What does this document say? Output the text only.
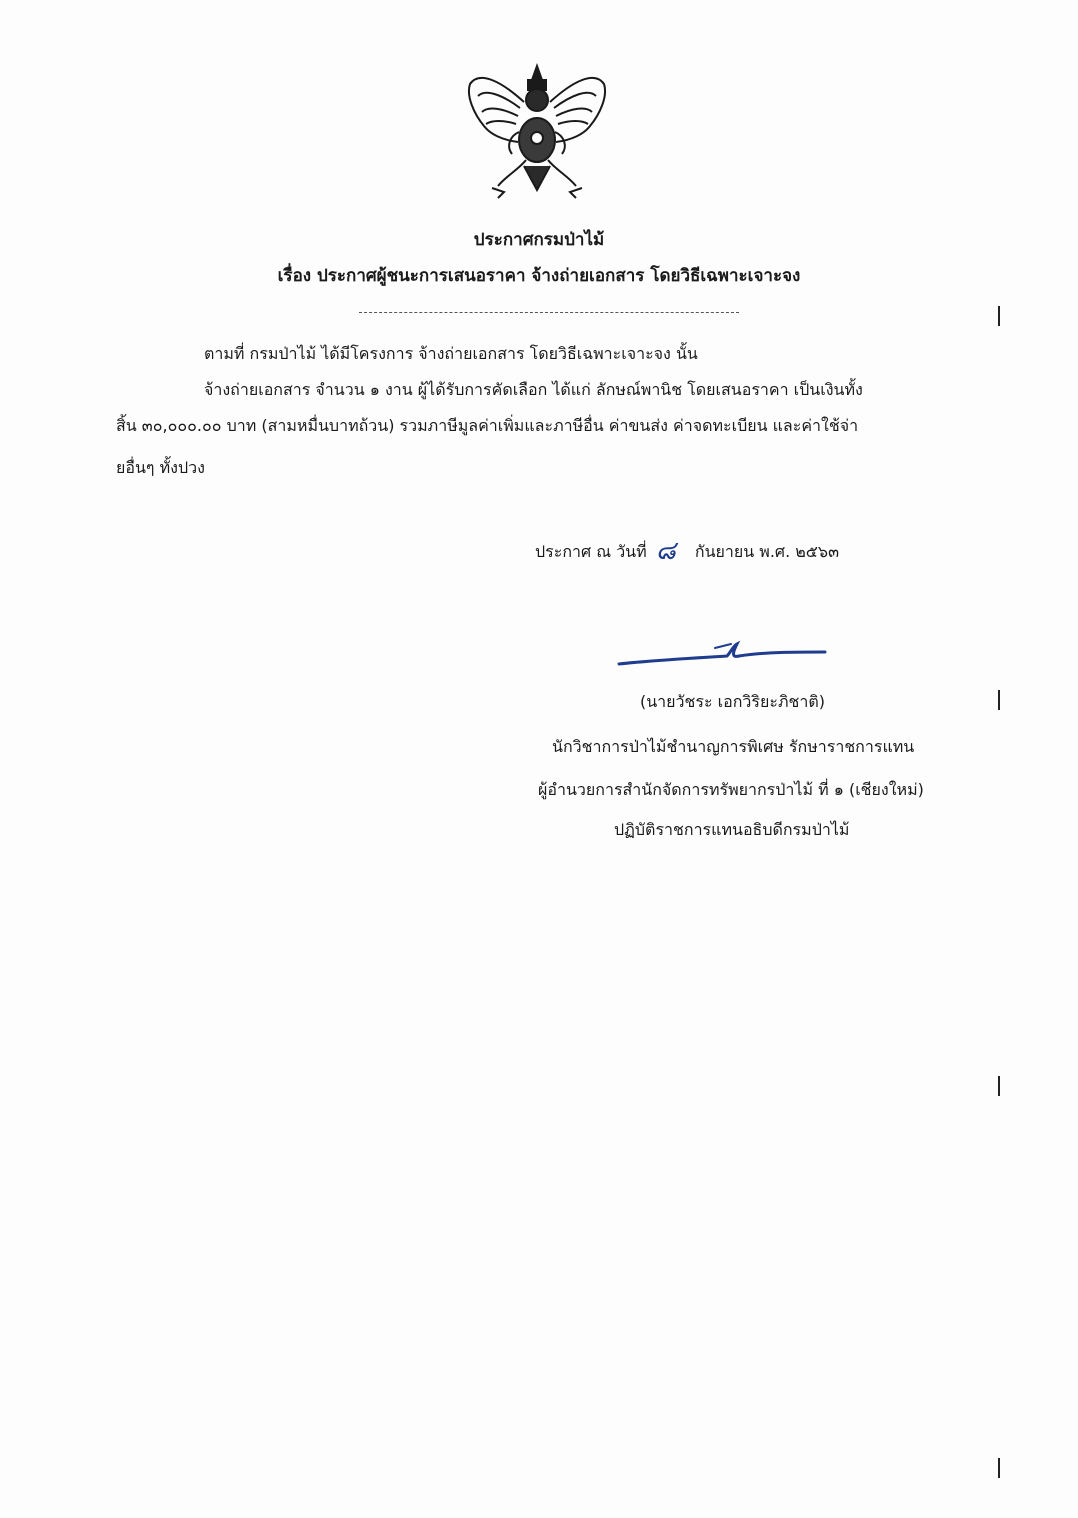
ประกาศกรมป่าไม้
เรื่อง ประกาศผู้ชนะการเสนอราคา จ้างถ่ายเอกสาร โดยวิธีเฉพาะเจาะจง
ตามที่ กรมป่าไม้ ได้มีโครงการ จ้างถ่ายเอกสาร โดยวิธีเฉพาะเจาะจง นั้น
จ้างถ่ายเอกสาร จำนวน ๑ งาน ผู้ได้รับการคัดเลือก ได้แก่ ลักษณ์พานิช โดยเสนอราคา เป็นเงินทั้ง
สิ้น ๓๐,๐๐๐.๐๐ บาท (สามหมื่นบาทถ้วน) รวมภาษีมูลค่าเพิ่มและภาษีอื่น ค่าขนส่ง ค่าจดทะเบียน และค่าใช้จ่า
ยอื่นๆ ทั้งปวง
ประกาศ ณ วันที่ ๘ กันยายน พ.ศ. ๒๕๖๓
(นายวัชระ เอกวิริยะภิชาติ)
นักวิชาการป่าไม้ชำนาญการพิเศษ รักษาราชการแทน
ผู้อำนวยการสำนักจัดการทรัพยากรป่าไม้ ที่ ๑ (เชียงใหม่)
ปฏิบัติราชการแทนอธิบดีกรมป่าไม้
